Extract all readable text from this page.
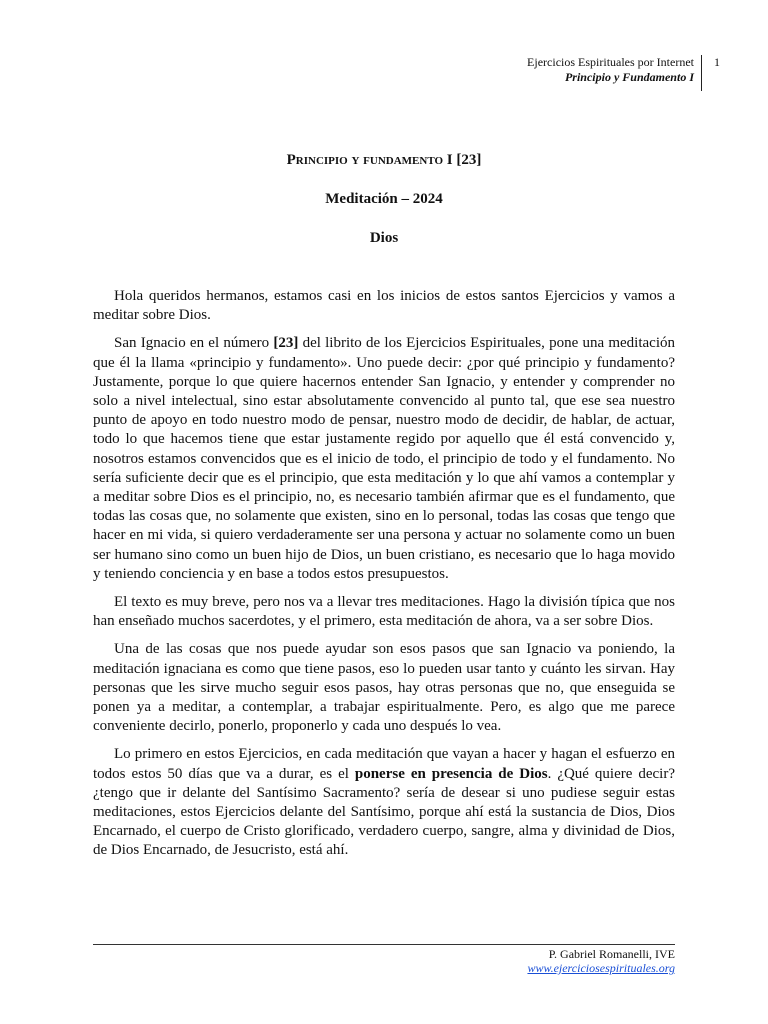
Ejercicios Espirituales por Internet
Principio y Fundamento I
1
Principio y fundamento I [23]
Meditación – 2024
Dios

Hola queridos hermanos, estamos casi en los inicios de estos santos Ejercicios y vamos a meditar sobre Dios.

San Ignacio en el número [23] del librito de los Ejercicios Espirituales, pone una meditación que él la llama «principio y fundamento». Uno puede decir: ¿por qué principio y fundamento? Justamente, porque lo que quiere hacernos entender San Ignacio, y entender y comprender no solo a nivel intelectual, sino estar absolutamente convencido al punto tal, que ese sea nuestro punto de apoyo en todo nuestro modo de pensar, nuestro modo de decidir, de hablar, de actuar, todo lo que hacemos tiene que estar justamente regido por aquello que él está convencido y, nosotros estamos convencidos que es el inicio de todo, el principio de todo y el fundamento. No sería suficiente decir que es el principio, que esta meditación y lo que ahí vamos a contemplar y a meditar sobre Dios es el principio, no, es necesario también afirmar que es el fundamento, que todas las cosas que, no solamente que existen, sino en lo personal, todas las cosas que tengo que hacer en mi vida, si quiero verdaderamente ser una persona y actuar no solamente como un buen ser humano sino como un buen hijo de Dios, un buen cristiano, es necesario que lo haga movido y teniendo conciencia y en base a todos estos presupuestos.

El texto es muy breve, pero nos va a llevar tres meditaciones. Hago la división típica que nos han enseñado muchos sacerdotes, y el primero, esta meditación de ahora, va a ser sobre Dios.

Una de las cosas que nos puede ayudar son esos pasos que san Ignacio va poniendo, la meditación ignaciana es como que tiene pasos, eso lo pueden usar tanto y cuánto les sirvan. Hay personas que les sirve mucho seguir esos pasos, hay otras personas que no, que enseguida se ponen ya a meditar, a contemplar, a trabajar espiritualmente. Pero, es algo que me parece conveniente decirlo, ponerlo, proponerlo y cada uno después lo vea.

Lo primero en estos Ejercicios, en cada meditación que vayan a hacer y hagan el esfuerzo en todos estos 50 días que va a durar, es el ponerse en presencia de Dios. ¿Qué quiere decir? ¿tengo que ir delante del Santísimo Sacramento? sería de desear si uno pudiese seguir estas meditaciones, estos Ejercicios delante del Santísimo, porque ahí está la sustancia de Dios, Dios Encarnado, el cuerpo de Cristo glorificado, verdadero cuerpo, sangre, alma y divinidad de Dios, de Dios Encarnado, de Jesucristo, está ahí.

P. Gabriel Romanelli, IVE
www.ejerciciosespirituales.org
